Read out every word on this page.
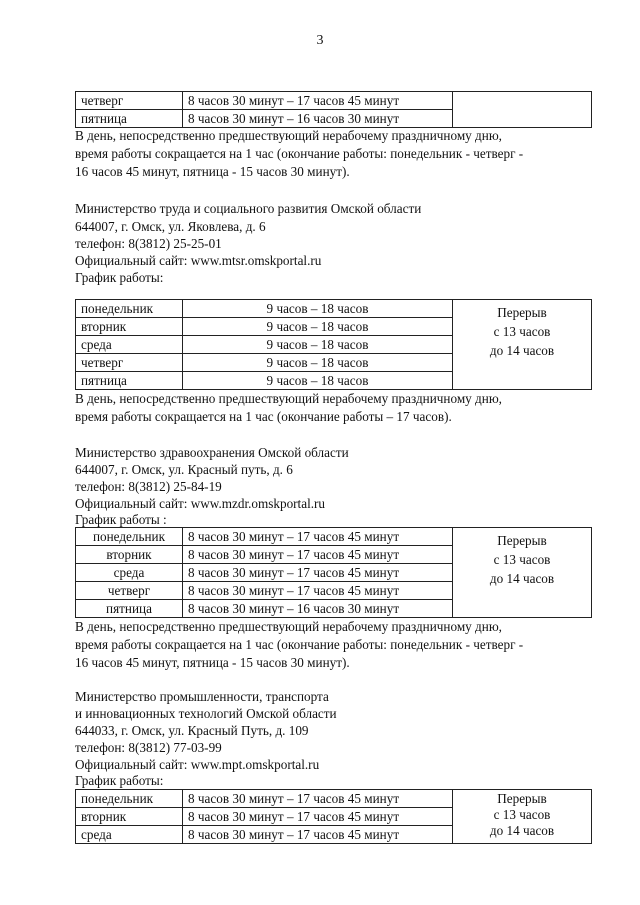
3
четверг	8 часов 30 минут – 17 часов 45 минут	
пятница	8 часов 30 минут – 16 часов 30 минут	
В день, непосредственно предшествующий нерабочему праздничному дню,
время работы сокращается на 1 час (окончание работы: понедельник - четверг -
16 часов 45 минут, пятница - 15 часов 30 минут).
Министерство труда и социального развития Омской области
644007, г. Омск, ул. Яковлева, д. 6
телефон: 8(3812) 25-25-01
Официальный сайт: www.mtsr.omskportal.ru
График работы:
понедельник	9 часов – 18 часов	Перерыв
с 13 часов
до 14 часов

вторник	9 часов – 18 часов	
среда	9 часов – 18 часов	
четверг	9 часов – 18 часов	
пятница	9 часов – 18 часов	
В день, непосредственно предшествующий нерабочему праздничному дню,
время работы сокращается на 1 час (окончание работы – 17 часов).
Министерство здравоохранения Омской области
644007, г. Омск, ул. Красный путь, д. 6
телефон: 8(3812) 25-84-19
Официальный сайт: www.mzdr.omskportal.ru
График работы :
понедельник	8 часов 30 минут – 17 часов 45 минут	Перерыв
с 13 часов
до 14 часов

вторник	8 часов 30 минут – 17 часов 45 минут	
среда	8 часов 30 минут – 17 часов 45 минут	
четверг	8 часов 30 минут – 17 часов 45 минут	
пятница	8 часов 30 минут – 16 часов 30 минут	
В день, непосредственно предшествующий нерабочему праздничному дню,
время работы сокращается на 1 час (окончание работы: понедельник - четверг -
16 часов 45 минут, пятница - 15 часов 30 минут).
Министерство промышленности, транспорта
и инновационных технологий Омской области
644033, г. Омск, ул. Красный Путь, д. 109
телефон: 8(3812) 77-03-99
Официальный сайт: www.mpt.omskportal.ru
График работы:
понедельник	8 часов 30 минут – 17 часов 45 минут	Перерыв
с 13 часов
до 14 часов

вторник	8 часов 30 минут – 17 часов 45 минут	
среда	8 часов 30 минут – 17 часов 45 минут	
